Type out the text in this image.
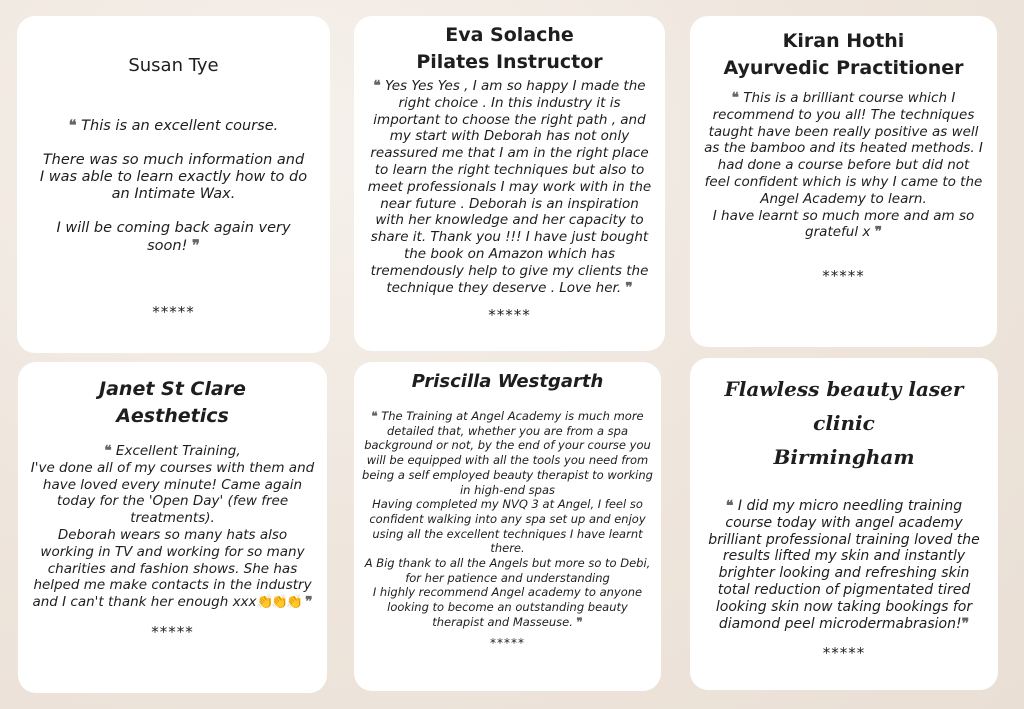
Susan Tye

❝ This is an excellent course.
There was so much information and I was able to learn exactly how to do an Intimate Wax.
I will be coming back again very soon! ❞
*****

Eva Solache

Pilates Instructor

❝ Yes Yes Yes , I am so happy I made the right choice . In this industry it is important to choose the right path , and my start with Deborah has not only reassured me that I am in the right place to learn the right techniques but also to meet professionals I may work with in the near future . Deborah is an inspiration with her knowledge and her capacity to share it. Thank you !!! I have just bought the book on Amazon which has tremendously help to give my clients the technique they deserve . Love her. ❞
*****

Kiran Hothi

Ayurvedic Practitioner

❝ This is a brilliant course which I recommend to you all! The techniques taught have been really positive as well as the bamboo and its heated methods. I had done a course before but did not feel confident which is why I came to the Angel Academy to learn.
I have learnt so much more and am so grateful x ❞
*****

Janet St Clare

Aesthetics

❝ Excellent Training,
I've done all of my courses with them and have loved every minute! Came again today for the 'Open Day' (few free treatments).
Deborah wears so many hats also working in TV and working for so many charities and fashion shows. She has helped me make contacts in the industry and I can't thank her enough xxx👏👏👏 ❞
*****

Priscilla Westgarth

❝ The Training at Angel Academy is much more detailed that, whether you are from a spa background or not, by the end of your course you will be equipped with all the tools you need from being a self employed beauty therapist to working in high-end spas
Having completed my NVQ 3 at Angel, I feel so confident walking into any spa set up and enjoy using all the excellent techniques I have learnt there.
A Big thank to all the Angels but more so to Debi, for her patience and understanding
I highly recommend Angel academy to anyone looking to become an outstanding beauty therapist and Masseuse. ❞
*****

Flawless beauty laser clinic

Birmingham

❝ I did my micro needling training course today with angel academy brilliant professional training loved the results lifted my skin and instantly brighter looking and refreshing skin total reduction of pigmentated tired looking skin now taking bookings for diamond peel microdermabrasion!❞
*****
